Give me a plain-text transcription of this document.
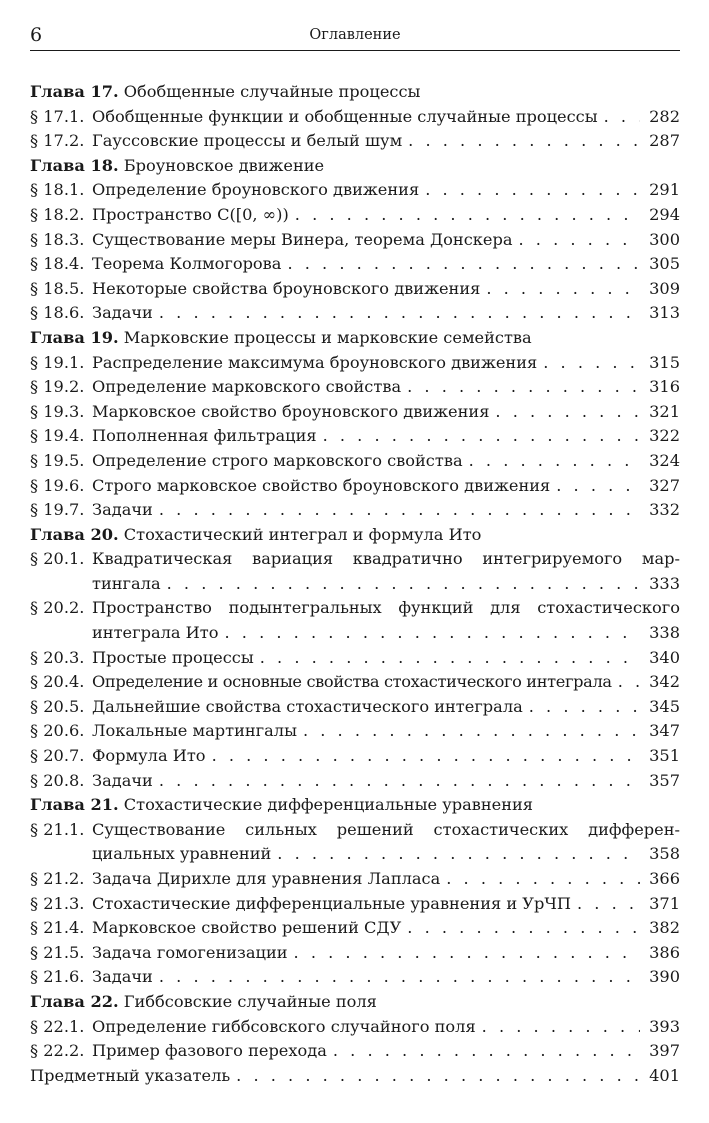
6	Оглавление
Глава 17. Обобщенные случайные процессы
§ 17.1. Обобщенные функции и обобщенные случайные процессы . . .	282
§ 17.2. Гауссовские процессы и белый шум . . .	287
Глава 18. Броуновское движение
§ 18.1. Определение броуновского движения . . .	291
§ 18.2. Пространство C([0, ∞)) . . .	294
§ 18.3. Существование меры Винера, теорема Донскера . . .	300
§ 18.4. Теорема Колмогорова . . .	305
§ 18.5. Некоторые свойства броуновского движения . . .	309
§ 18.6. Задачи . . .	313
Глава 19. Марковские процессы и марковские семейства
§ 19.1. Распределение максимума броуновского движения . . .	315
§ 19.2. Определение марковского свойства . . .	316
§ 19.3. Марковское свойство броуновского движения . . .	321
§ 19.4. Пополненная фильтрация . . .	322
§ 19.5. Определение строго марковского свойства . . .	324
§ 19.6. Строго марковское свойство броуновского движения . . .	327
§ 19.7. Задачи . . .	332
Глава 20. Стохастический интеграл и формула Ито
§ 20.1. Квадратическая вариация квадратично интегрируемого мар-
тингала . . .	333
§ 20.2. Пространство подынтегральных функций для стохастического
интеграла Ито . . .	338
§ 20.3. Простые процессы . . .	340
§ 20.4. Определение и основные свойства стохастического интеграла . . .	342
§ 20.5. Дальнейшие свойства стохастического интеграла . . .	345
§ 20.6. Локальные мартингалы . . .	347
§ 20.7. Формула Ито . . .	351
§ 20.8. Задачи . . .	357
Глава 21. Стохастические дифференциальные уравнения
§ 21.1. Существование сильных решений стохастических дифферен-
циальных уравнений . . .	358
§ 21.2. Задача Дирихле для уравнения Лапласа . . .	366
§ 21.3. Стохастические дифференциальные уравнения и УрЧП . . .	371
§ 21.4. Марковское свойство решений СДУ . . .	382
§ 21.5. Задача гомогенизации . . .	386
§ 21.6. Задачи . . .	390
Глава 22. Гиббсовские случайные поля
§ 22.1. Определение гиббсовского случайного поля . . .	393
§ 22.2. Пример фазового перехода . . .	397
Предметный указатель . . .	401
